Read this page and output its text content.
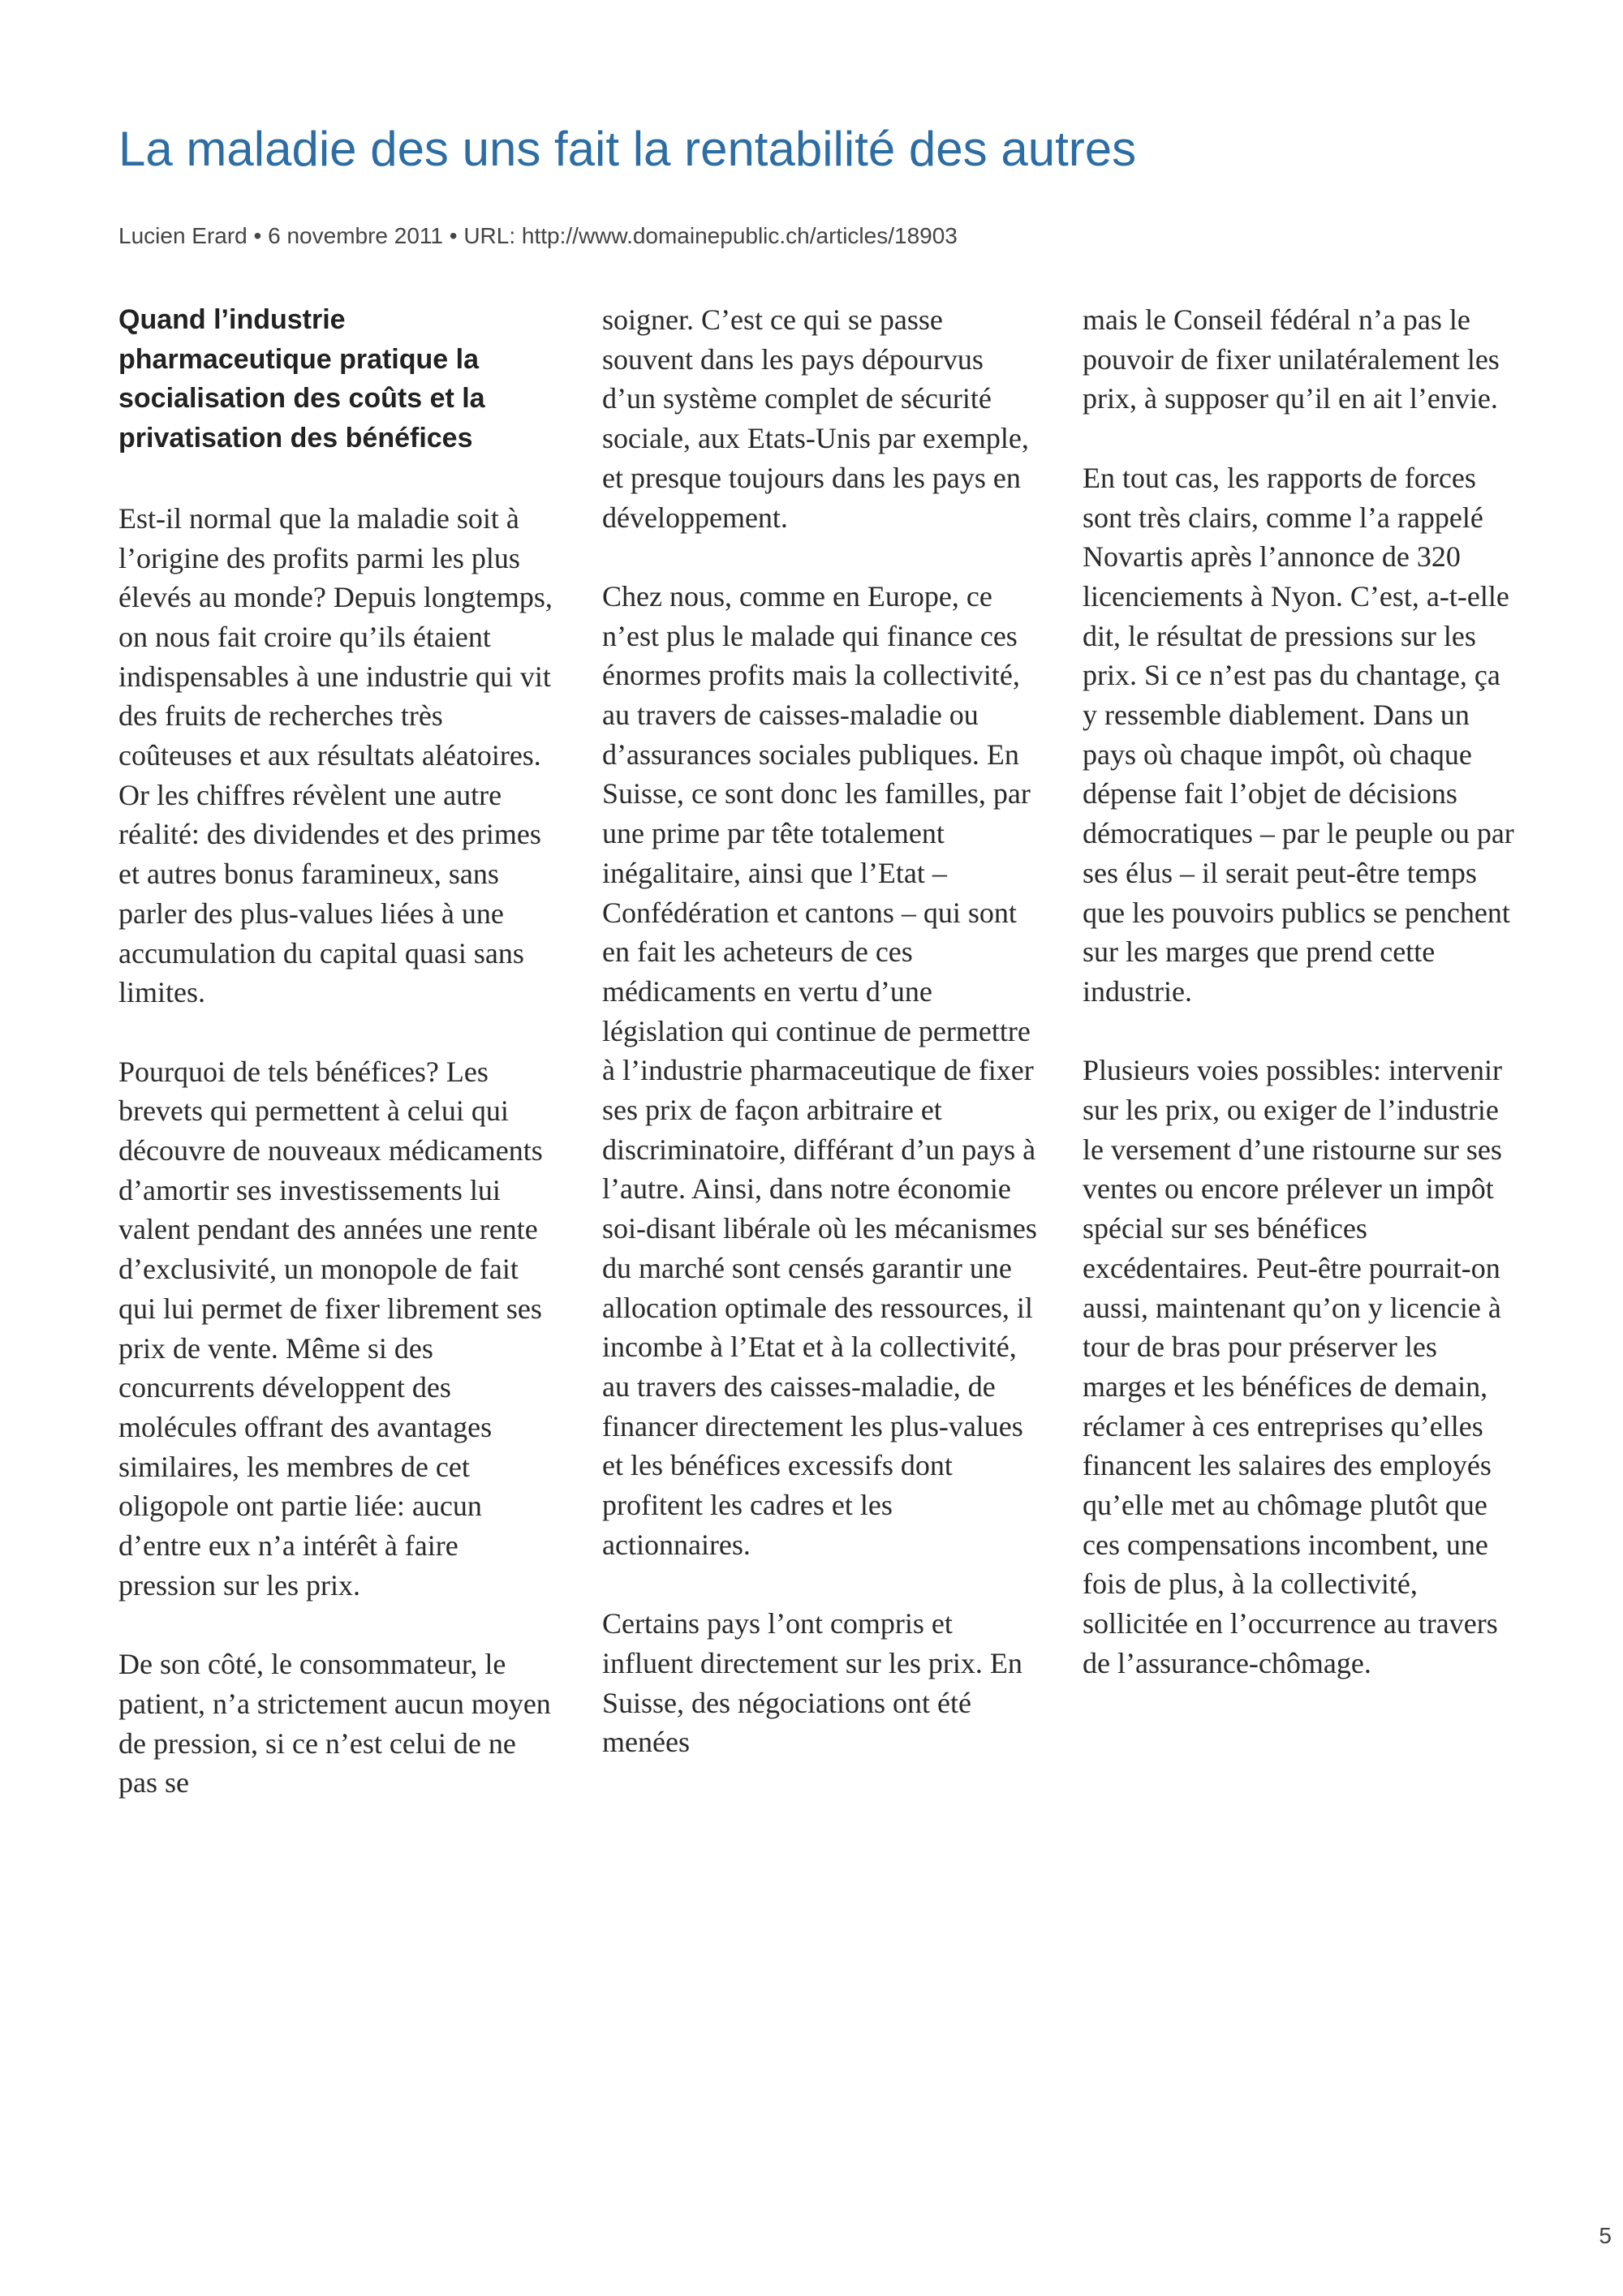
La maladie des uns fait la rentabilité des autres
Lucien Erard • 6 novembre 2011 • URL: http://www.domainepublic.ch/articles/18903

Quand l’industrie pharmaceutique pratique la socialisation des coûts et la privatisation des bénéfices

Est-il normal que la maladie soit à l’origine des profits parmi les plus élevés au monde? Depuis longtemps, on nous fait croire qu’ils étaient indispensables à une industrie qui vit des fruits de recherches très coûteuses et aux résultats aléatoires. Or les chiffres révèlent une autre réalité: des dividendes et des primes et autres bonus faramineux, sans parler des plus-values liées à une accumulation du capital quasi sans limites.

Pourquoi de tels bénéfices? Les brevets qui permettent à celui qui découvre de nouveaux médicaments d’amortir ses investissements lui valent pendant des années une rente d’exclusivité, un monopole de fait qui lui permet de fixer librement ses prix de vente. Même si des concurrents développent des molécules offrant des avantages similaires, les membres de cet oligopole ont partie liée: aucun d’entre eux n’a intérêt à faire pression sur les prix.

De son côté, le consommateur, le patient, n’a strictement aucun moyen de pression, si ce n’est celui de ne pas se

soigner. C’est ce qui se passe souvent dans les pays dépourvus d’un système complet de sécurité sociale, aux Etats-Unis par exemple, et presque toujours dans les pays en développement.

Chez nous, comme en Europe, ce n’est plus le malade qui finance ces énormes profits mais la collectivité, au travers de caisses-maladie ou d’assurances sociales publiques. En Suisse, ce sont donc les familles, par une prime par tête totalement inégalitaire, ainsi que l’Etat – Confédération et cantons – qui sont en fait les acheteurs de ces médicaments en vertu d’une législation qui continue de permettre à l’industrie pharmaceutique de fixer ses prix de façon arbitraire et discriminatoire, différant d’un pays à l’autre. Ainsi, dans notre économie soi-disant libérale où les mécanismes du marché sont censés garantir une allocation optimale des ressources, il incombe à l’Etat et à la collectivité, au travers des caisses-maladie, de financer directement les plus-values et les bénéfices excessifs dont profitent les cadres et les actionnaires.

Certains pays l’ont compris et influent directement sur les prix. En Suisse, des négociations ont été menées

mais le Conseil fédéral n’a pas le pouvoir de fixer unilatéralement les prix, à supposer qu’il en ait l’envie.

En tout cas, les rapports de forces sont très clairs, comme l’a rappelé Novartis après l’annonce de 320 licenciements à Nyon. C’est, a-t-elle dit, le résultat de pressions sur les prix. Si ce n’est pas du chantage, ça y ressemble diablement. Dans un pays où chaque impôt, où chaque dépense fait l’objet de décisions démocratiques – par le peuple ou par ses élus – il serait peut-être temps que les pouvoirs publics se penchent sur les marges que prend cette industrie.

Plusieurs voies possibles: intervenir sur les prix, ou exiger de l’industrie le versement d’une ristourne sur ses ventes ou encore prélever un impôt spécial sur ses bénéfices excédentaires. Peut-être pourrait-on aussi, maintenant qu’on y licencie à tour de bras pour préserver les marges et les bénéfices de demain, réclamer à ces entreprises qu’elles financent les salaires des employés qu’elle met au chômage plutôt que ces compensations incombent, une fois de plus, à la collectivité, sollicitée en l’occurrence au travers de l’assurance-chômage.

5
